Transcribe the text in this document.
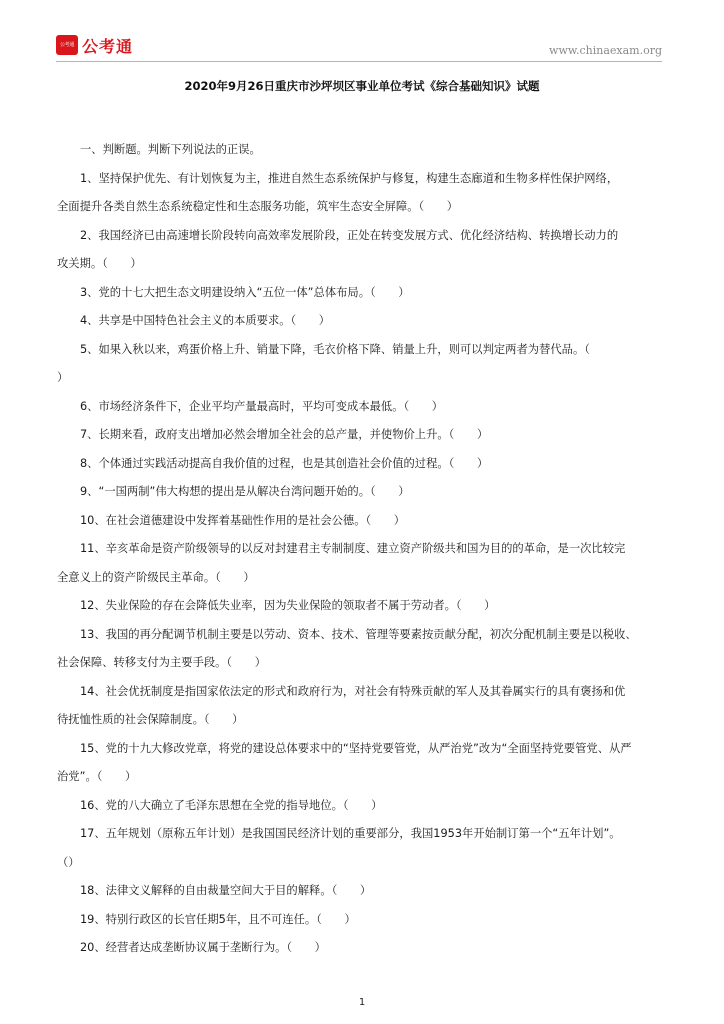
公考通 公考通	www.chinaexam.org
2020年9月26日重庆市沙坪坝区事业单位考试《综合基础知识》试题
一、判断题。判断下列说法的正误。
1、坚持保护优先、有计划恢复为主，推进自然生态系统保护与修复，构建生态廊道和生物多样性保护网络，
全面提升各类自然生态系统稳定性和生态服务功能，筑牢生态安全屏障。（　　）
2、我国经济已由高速增长阶段转向高效率发展阶段，正处在转变发展方式、优化经济结构、转换增长动力的
攻关期。（　　）
3、党的十七大把生态文明建设纳入“五位一体”总体布局。（　　）
4、共享是中国特色社会主义的本质要求。（　　）
5、如果入秋以来，鸡蛋价格上升、销量下降，毛衣价格下降、销量上升，则可以判定两者为替代品。（
）
6、市场经济条件下，企业平均产量最高时，平均可变成本最低。（　　）
7、长期来看，政府支出增加必然会增加全社会的总产量，并使物价上升。（　　）
8、个体通过实践活动提高自我价值的过程，也是其创造社会价值的过程。（　　）
9、“一国两制”伟大构想的提出是从解决台湾问题开始的。（　　）
10、在社会道德建设中发挥着基础性作用的是社会公德。（　　）
11、辛亥革命是资产阶级领导的以反对封建君主专制制度、建立资产阶级共和国为目的的革命，是一次比较完
全意义上的资产阶级民主革命。（　　）
12、失业保险的存在会降低失业率，因为失业保险的领取者不属于劳动者。（　　）
13、我国的再分配调节机制主要是以劳动、资本、技术、管理等要素按贡献分配，初次分配机制主要是以税收、
社会保障、转移支付为主要手段。（　　）
14、社会优抚制度是指国家依法定的形式和政府行为，对社会有特殊贡献的军人及其眷属实行的具有褒扬和优
待抚恤性质的社会保障制度。（　　）
15、党的十九大修改党章，将党的建设总体要求中的“坚持党要管党，从严治党”改为“全面坚持党要管党、从严
治党”。（　　）
16、党的八大确立了毛泽东思想在全党的指导地位。（　　）
17、五年规划（原称五年计划）是我国国民经济计划的重要部分，我国1953年开始制订第一个“五年计划”。
（）
18、法律文义解释的自由裁量空间大于目的解释。（　　）
19、特别行政区的长官任期5年，且不可连任。（　　）
20、经营者达成垄断协议属于垄断行为。（　　）
1
